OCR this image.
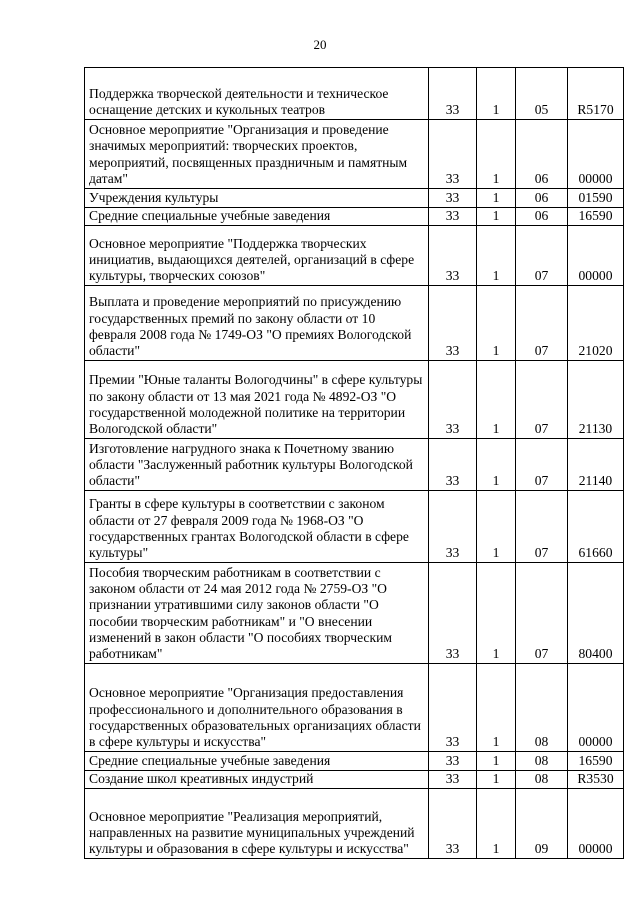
20
Поддержка творческой деятельности и техническое оснащение детских и кукольных театров	33	1	05	R5170
Основное мероприятие "Организация и проведение значимых мероприятий: творческих проектов, мероприятий, посвященных праздничным и памятным датам"	33	1	06	00000
Учреждения культуры	33	1	06	01590
Средние специальные учебные заведения	33	1	06	16590
Основное мероприятие "Поддержка творческих инициатив, выдающихся деятелей, организаций в сфере культуры, творческих союзов"	33	1	07	00000
Выплата и проведение мероприятий по присуждению государственных премий по закону области от 10 февраля 2008 года № 1749-ОЗ "О премиях Вологодской области"	33	1	07	21020
Премии "Юные таланты Вологодчины" в сфере культуры по закону области от 13 мая 2021 года № 4892-ОЗ "О государственной молодежной политике на территории Вологодской области"	33	1	07	21130
Изготовление нагрудного знака к Почетному званию области "Заслуженный работник культуры Вологодской области"	33	1	07	21140
Гранты в сфере культуры в соответствии с законом области от 27 февраля 2009 года № 1968-ОЗ "О государственных грантах Вологодской области в сфере культуры"	33	1	07	61660
Пособия творческим работникам в соответствии с законом области от 24 мая 2012 года № 2759-ОЗ "О признании утратившими силу законов области "О пособии творческим работникам" и "О внесении изменений в закон области "О пособиях творческим работникам"	33	1	07	80400
Основное мероприятие "Организация предоставления профессионального и дополнительного образования в государственных образовательных организациях области в сфере культуры и искусства"	33	1	08	00000
Средние специальные учебные заведения	33	1	08	16590
Создание школ креативных индустрий	33	1	08	R3530
Основное мероприятие "Реализация мероприятий, направленных на развитие муниципальных учреждений культуры и образования в сфере культуры и искусства"	33	1	09	00000
